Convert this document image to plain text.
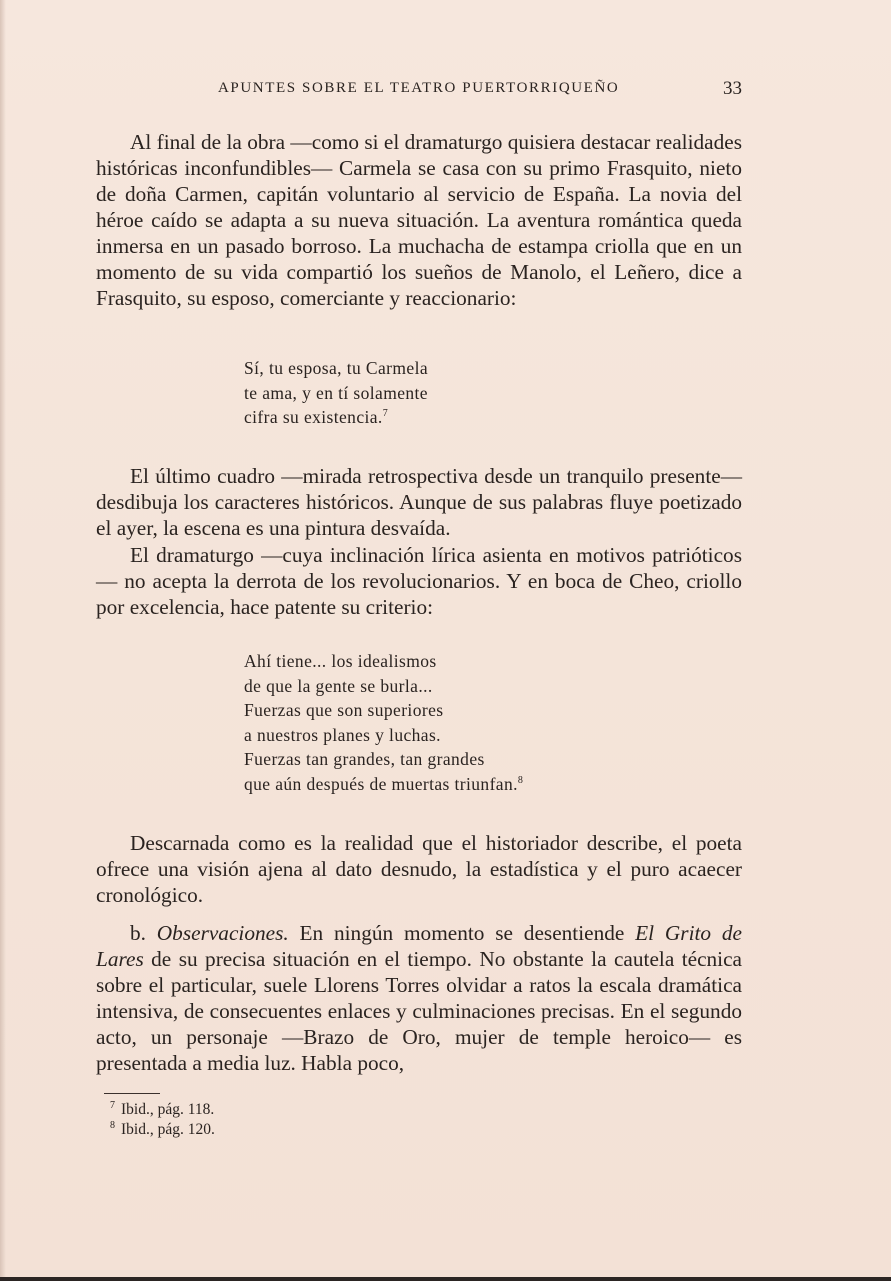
APUNTES SOBRE EL TEATRO PUERTORRIQUEÑO	33

Al final de la obra —como si el dramaturgo quisiera destacar realidades históricas inconfundibles— Carmela se casa con su primo Frasquito, nieto de doña Carmen, capitán voluntario al servicio de España. La novia del héroe caído se adapta a su nueva situación. La aventura romántica queda inmersa en un pasado borroso. La muchacha de estampa criolla que en un momento de su vida compartió los sueños de Manolo, el Leñero, dice a Frasquito, su esposo, comerciante y reaccionario:

Sí, tu esposa, tu Carmela
te ama, y en tí solamente
cifra su existencia.$^7$

El último cuadro —mirada retrospectiva desde un tranquilo presente— desdibuja los caracteres históricos. Aunque de sus palabras fluye poetizado el ayer, la escena es una pintura desvaída.

El dramaturgo —cuya inclinación lírica asienta en motivos patrióticos— no acepta la derrota de los revolucionarios. Y en boca de Cheo, criollo por excelencia, hace patente su criterio:

Ahí tiene... los idealismos
de que la gente se burla...
Fuerzas que son superiores
a nuestros planes y luchas.
Fuerzas tan grandes, tan grandes
que aún después de muertas triunfan.$^8$

Descarnada como es la realidad que el historiador describe, el poeta ofrece una visión ajena al dato desnudo, la estadística y el puro acaecer cronológico.

b. Observaciones. En ningún momento se desentiende El Grito de Lares de su precisa situación en el tiempo. No obstante la cautela técnica sobre el particular, suele Llorens Torres olvidar a ratos la escala dramática intensiva, de consecuentes enlaces y culminaciones precisas. En el segundo acto, un personaje —Brazo de Oro, mujer de temple heroico— es presentada a media luz. Habla poco,

$^7$ Ibid., pág. 118.
$^8$ Ibid., pág. 120.
